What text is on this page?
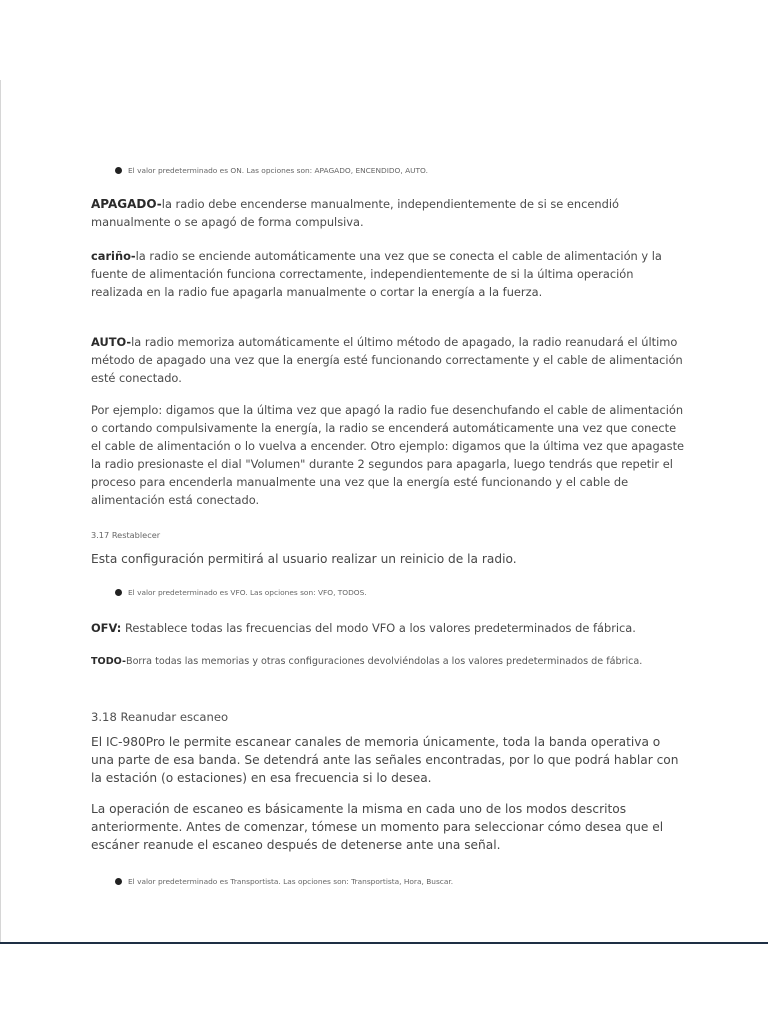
El valor predeterminado es ON. Las opciones son: APAGADO, ENCENDIDO, AUTO.

APAGADO-la radio debe encenderse manualmente, independientemente de si se encendió manualmente o se apagó de forma compulsiva.

cariño-la radio se enciende automáticamente una vez que se conecta el cable de alimentación y la fuente de alimentación funciona correctamente, independientemente de si la última operación realizada en la radio fue apagarla manualmente o cortar la energía a la fuerza.

AUTO-la radio memoriza automáticamente el último método de apagado, la radio reanudará el último método de apagado una vez que la energía esté funcionando correctamente y el cable de alimentación esté conectado.

Por ejemplo: digamos que la última vez que apagó la radio fue desenchufando el cable de alimentación o cortando compulsivamente la energía, la radio se encenderá automáticamente una vez que conecte el cable de alimentación o lo vuelva a encender. Otro ejemplo: digamos que la última vez que apagaste la radio presionaste el dial "Volumen" durante 2 segundos para apagarla, luego tendrás que repetir el proceso para encenderla manualmente una vez que la energía esté funcionando y el cable de alimentación está conectado.

3.17 Restablecer

Esta configuración permitirá al usuario realizar un reinicio de la radio.

El valor predeterminado es VFO. Las opciones son: VFO, TODOS.

OFV: Restablece todas las frecuencias del modo VFO a los valores predeterminados de fábrica.

TODO-Borra todas las memorias y otras configuraciones devolviéndolas a los valores predeterminados de fábrica.

3.18 Reanudar escaneo

El IC-980Pro le permite escanear canales de memoria únicamente, toda la banda operativa o una parte de esa banda. Se detendrá ante las señales encontradas, por lo que podrá hablar con la estación (o estaciones) en esa frecuencia si lo desea.

La operación de escaneo es básicamente la misma en cada uno de los modos descritos anteriormente. Antes de comenzar, tómese un momento para seleccionar cómo desea que el escáner reanude el escaneo después de detenerse ante una señal.

El valor predeterminado es Transportista. Las opciones son: Transportista, Hora, Buscar.
